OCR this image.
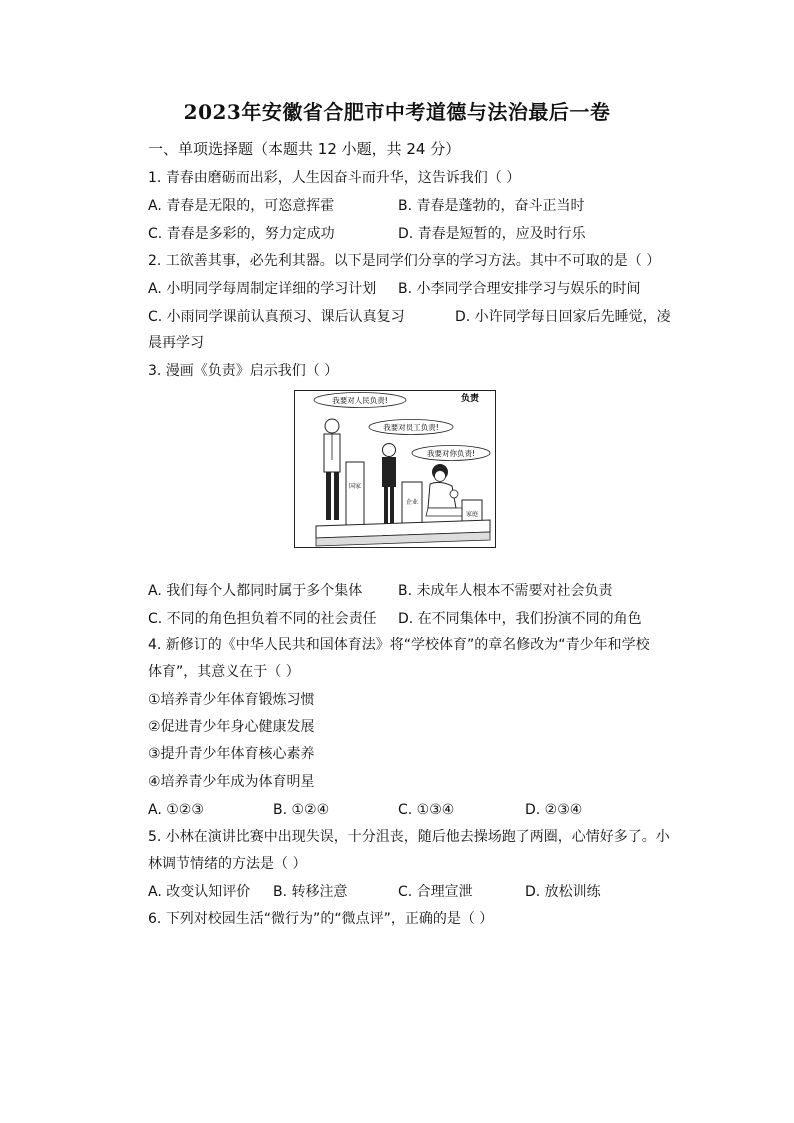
2023年安徽省合肥市中考道德与法治最后一卷
一、单项选择题（本题共 12 小题，共 24 分）
1. 青春由磨砺而出彩，人生因奋斗而升华，这告诉我们（ ）
A. 青春是无限的，可恣意挥霍	B. 青春是蓬勃的，奋斗正当时
C. 青春是多彩的，努力定成功	D. 青春是短暂的，应及时行乐
2. 工欲善其事，必先利其器。以下是同学们分享的学习方法。其中不可取的是（ ）
A. 小明同学每周制定详细的学习计划 B. 小李同学合理安排学习与娱乐的时间
C. 小雨同学课前认真预习、课后认真复习	D. 小许同学每日回家后先睡觉，凌
晨再学习
3. 漫画《负责》启示我们（ ）
负责
我要对人民负责!
我要对员工负责!
我要对你负责!
国家
企业
家庭
A. 我们每个人都同时属于多个集体	B. 未成年人根本不需要对社会负责
C. 不同的角色担负着不同的社会责任 D. 在不同集体中，我们扮演不同的角色
4. 新修订的《中华人民共和国体育法》将“学校体育”的章名修改为“青少年和学校
体育”，其意义在于（ ）
①培养青少年体育锻炼习惯
②促进青少年身心健康发展
③提升青少年体育核心素养
④培养青少年成为体育明星
A. ①②③	B. ①②④	C. ①③④	D. ②③④
5. 小林在演讲比赛中出现失误，十分沮丧，随后他去操场跑了两圈，心情好多了。小
林调节情绪的方法是（ ）
A. 改变认知评价 B. 转移注意	C. 合理宣泄	D. 放松训练
6. 下列对校园生活“微行为”的“微点评”，正确的是（ ）
